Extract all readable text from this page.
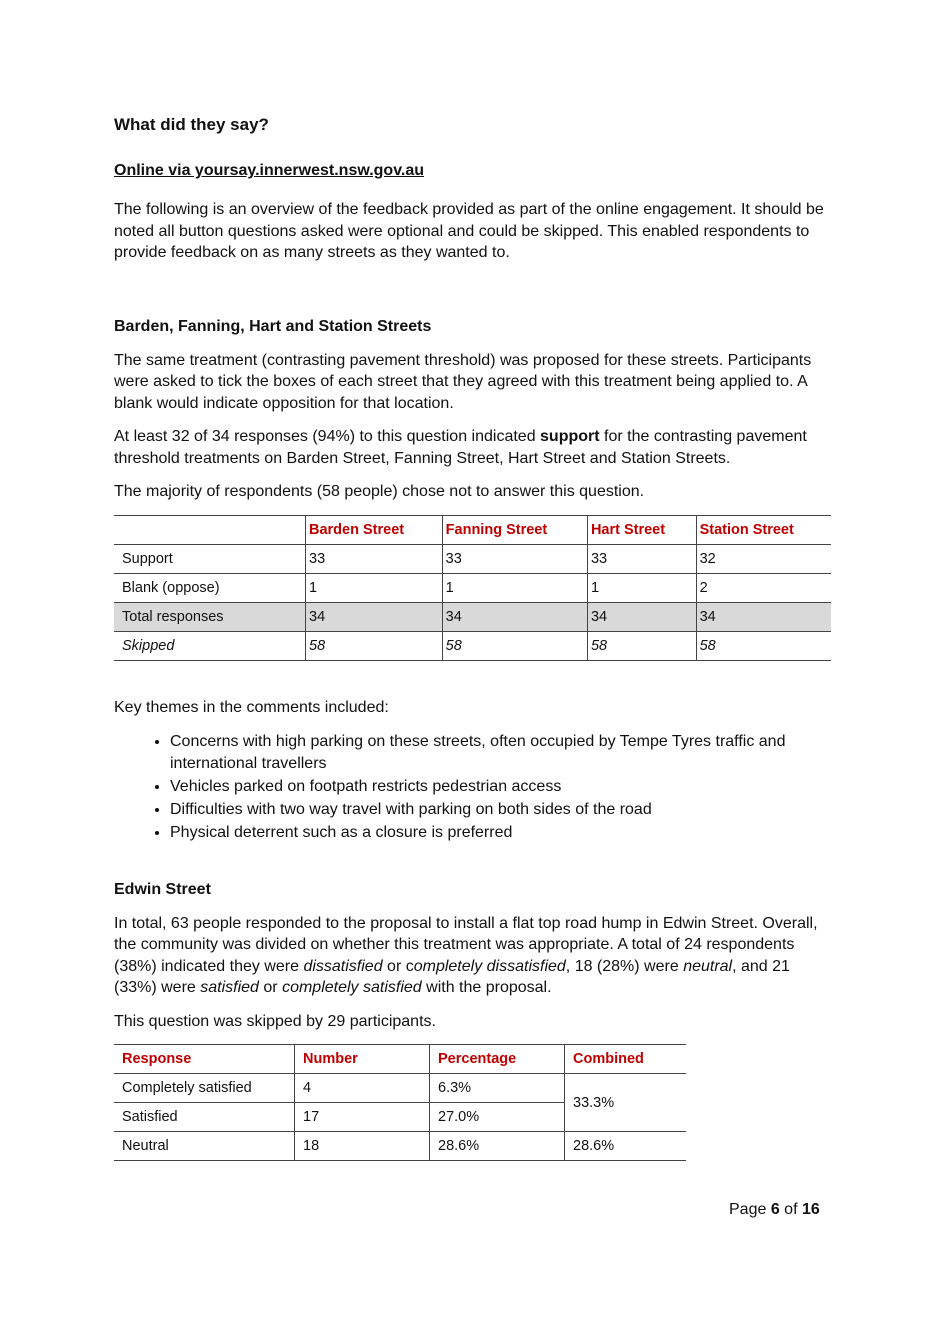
What did they say?
Online via yoursay.innerwest.nsw.gov.au

The following is an overview of the feedback provided as part of the online engagement. It should be noted all button questions asked were optional and could be skipped. This enabled respondents to provide feedback on as many streets as they wanted to.

Barden, Fanning, Hart and Station Streets

The same treatment (contrasting pavement threshold) was proposed for these streets. Participants were asked to tick the boxes of each street that they agreed with this treatment being applied to. A blank would indicate opposition for that location.

At least 32 of 34 responses (94%) to this question indicated support for the contrasting pavement threshold treatments on Barden Street, Fanning Street, Hart Street and Station Streets.

The majority of respondents (58 people) chose not to answer this question.

	Barden Street	Fanning Street	Hart Street	Station Street
Support	33	33	33	32
Blank (oppose)	1	1	1	2
Total responses	34	34	34	34
Skipped	58	58	58	58

Key themes in the comments included:

• Concerns with high parking on these streets, often occupied by Tempe Tyres traffic and international travellers
• Vehicles parked on footpath restricts pedestrian access
• Difficulties with two way travel with parking on both sides of the road
• Physical deterrent such as a closure is preferred
Edwin Street

In total, 63 people responded to the proposal to install a flat top road hump in Edwin Street. Overall, the community was divided on whether this treatment was appropriate. A total of 24 respondents (38%) indicated they were dissatisfied or completely dissatisfied, 18 (28%) were neutral, and 21 (33%) were satisfied or completely satisfied with the proposal.

This question was skipped by 29 participants.

Response	Number	Percentage	Combined
Completely satisfied	4	6.3%	33.3%
Satisfied	17	27.0%	
Neutral	18	28.6%	28.6%
Page 6 of 16
